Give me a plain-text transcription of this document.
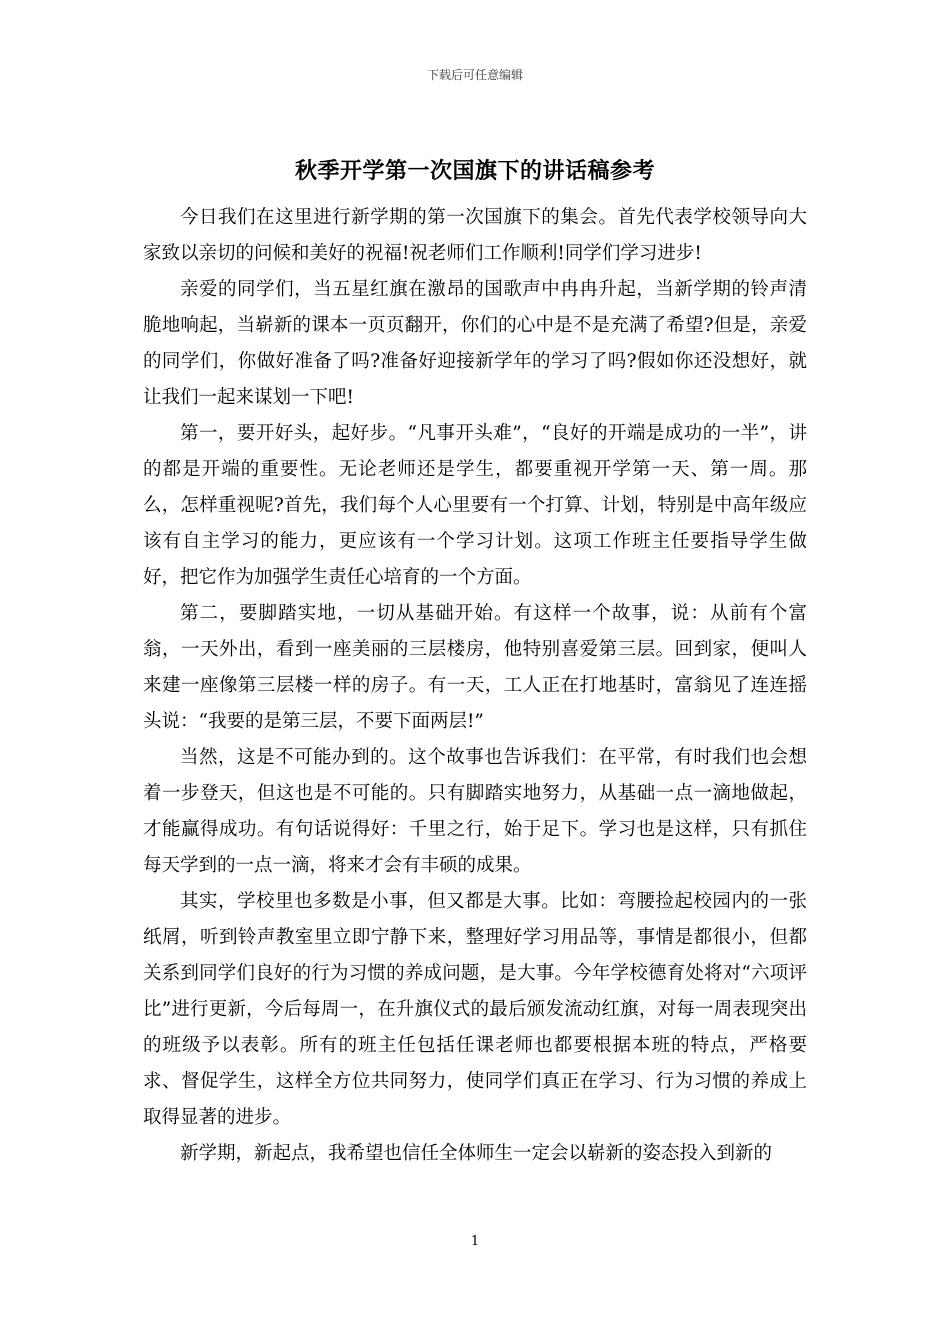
下载后可任意编辑
秋季开学第一次国旗下的讲话稿参考

今日我们在这里进行新学期的第一次国旗下的集会。首先代表学校领导向大家致以亲切的问候和美好的祝福!祝老师们工作顺利!同学们学习进步!

亲爱的同学们，当五星红旗在激昂的国歌声中冉冉升起，当新学期的铃声清脆地响起，当崭新的课本一页页翻开，你们的心中是不是充满了希望?但是，亲爱的同学们，你做好准备了吗?准备好迎接新学年的学习了吗?假如你还没想好，就让我们一起来谋划一下吧!

第一，要开好头，起好步。“凡事开头难”，“良好的开端是成功的一半”，讲的都是开端的重要性。无论老师还是学生，都要重视开学第一天、第一周。那么，怎样重视呢?首先，我们每个人心里要有一个打算、计划，特别是中高年级应该有自主学习的能力，更应该有一个学习计划。这项工作班主任要指导学生做好，把它作为加强学生责任心培育的一个方面。

第二，要脚踏实地，一切从基础开始。有这样一个故事，说：从前有个富翁，一天外出，看到一座美丽的三层楼房，他特别喜爱第三层。回到家，便叫人来建一座像第三层楼一样的房子。有一天，工人正在打地基时，富翁见了连连摇头说：“我要的是第三层，不要下面两层!”

当然，这是不可能办到的。这个故事也告诉我们：在平常，有时我们也会想着一步登天，但这也是不可能的。只有脚踏实地努力，从基础一点一滴地做起，才能赢得成功。有句话说得好：千里之行，始于足下。学习也是这样，只有抓住每天学到的一点一滴，将来才会有丰硕的成果。

其实，学校里也多数是小事，但又都是大事。比如：弯腰捡起校园内的一张纸屑，听到铃声教室里立即宁静下来，整理好学习用品等，事情是都很小，但都关系到同学们良好的行为习惯的养成问题，是大事。今年学校德育处将对“六项评比”进行更新，今后每周一，在升旗仪式的最后颁发流动红旗，对每一周表现突出的班级予以表彰。所有的班主任包括任课老师也都要根据本班的特点，严格要求、督促学生，这样全方位共同努力，使同学们真正在学习、行为习惯的养成上取得显著的进步。

新学期，新起点，我希望也信任全体师生一定会以崭新的姿态投入到新的

1
